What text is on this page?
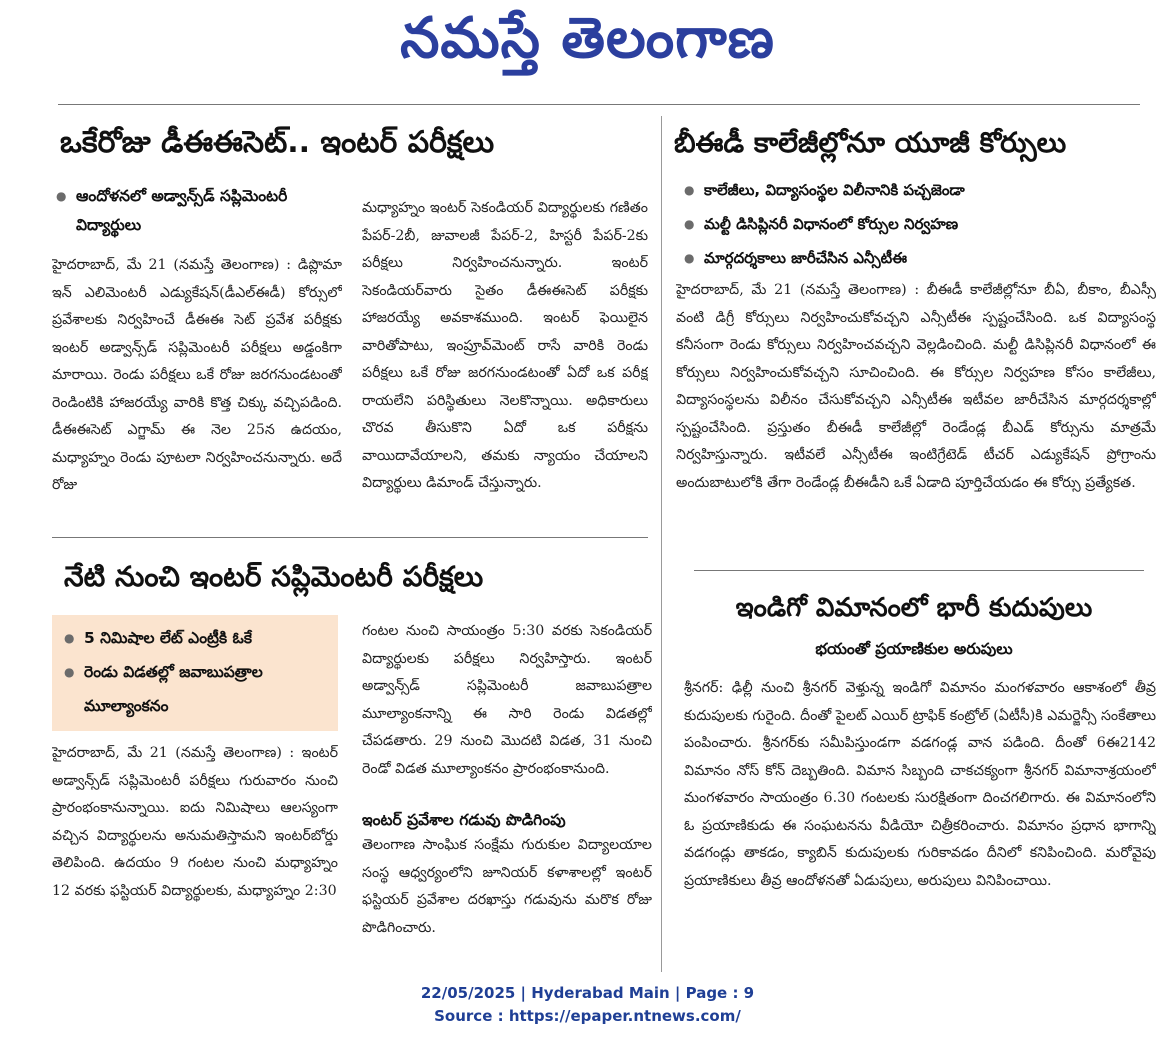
నమస్తే తెలంగాణ
ఒకేరోజు డీఈఈసెట్.. ఇంటర్ పరీక్షలు
● ఆందోళనలో అడ్వాన్స్‌డ్ సప్లిమెంటరీ విద్యార్థులు

హైదరాబాద్, మే 21 (నమస్తే తెలంగాణ) : డిప్లొమా ఇన్ ఎలిమెంటరీ ఎడ్యుకేషన్(డీఎల్‌ఈడీ) కోర్సులో ప్రవేశాలకు నిర్వహించే డీఈఈ సెట్ ప్రవేశ పరీక్షకు ఇంటర్ అడ్వాన్స్‌డ్ సప్లిమెంటరీ పరీక్షలు అడ్డంకిగా మారాయి. రెండు పరీక్షలు ఒకే రోజు జరగనుండటంతో రెండింటికి హాజరయ్యే వారికి కొత్త చిక్కు వచ్చిపడింది. డీఈఈసెట్ ఎగ్జామ్ ఈ నెల 25న ఉదయం, మధ్యాహ్నం రెండు పూటలా నిర్వహించనున్నారు. అదే రోజు

మధ్యాహ్నం ఇంటర్ సెకండియర్ విద్యార్థులకు గణితం పేపర్-2బీ, జువాలజీ పేపర్-2, హిస్టరీ పేపర్-2కు పరీక్షలు నిర్వహించనున్నారు. ఇంటర్ సెకండియర్‌వారు సైతం డీఈఈసెట్ పరీక్షకు హాజరయ్యే అవకాశముంది. ఇంటర్ ఫెయిలైన వారితోపాటు, ఇంప్రూవ్‌మెంట్ రాసే వారికి రెండు పరీక్షలు ఒకే రోజు జరగనుండటంతో ఏదో ఒక పరీక్ష రాయలేని పరిస్థితులు నెలకొన్నాయి. అధికారులు చొరవ తీసుకొని ఏదో ఒక పరీక్షను వాయిదావేయాలని, తమకు న్యాయం చేయాలని విద్యార్థులు డిమాండ్ చేస్తున్నారు.

బీఈడీ కాలేజీల్లోనూ యూజీ కోర్సులు
● కాలేజీలు, విద్యాసంస్థల విలీనానికి పచ్చజెండా
● మల్టీ డిసిప్లినరీ విధానంలో కోర్సుల నిర్వహణ
● మార్గదర్శకాలు జారీచేసిన ఎన్సీటీఈ

హైదరాబాద్, మే 21 (నమస్తే తెలంగాణ) : బీఈడీ కాలేజీల్లోనూ బీఏ, బీకాం, బీఎస్సీ వంటి డిగ్రీ కోర్సులు నిర్వహించుకోవచ్చని ఎన్సీటీఈ స్పష్టంచేసింది. ఒక విద్యాసంస్థ కనీసంగా రెండు కోర్సులు నిర్వహించవచ్చని వెల్లడించింది. మల్టీ డిసిప్లినరీ విధానంలో ఈ కోర్సులు నిర్వహించుకోవచ్చని సూచించింది. ఈ కోర్సుల నిర్వహణ కోసం కాలేజీలు, విద్యాసంస్థలను విలీనం చేసుకోవచ్చని ఎన్సీటీఈ ఇటీవల జారీచేసిన మార్గదర్శకాల్లో స్పష్టంచేసింది. ప్రస్తుతం బీఈడీ కాలేజీల్లో రెండేండ్ల బీఎడ్ కోర్సును మాత్రమే నిర్వహిస్తున్నారు. ఇటీవలే ఎన్సీటీఈ ఇంటిగ్రేటెడ్ టీచర్ ఎడ్యుకేషన్ ప్రోగ్రాంను అందుబాటులోకి తేగా రెండేండ్ల బీఈడీని ఒకే ఏడాది పూర్తిచేయడం ఈ కోర్సు ప్రత్యేకత.

నేటి నుంచి ఇంటర్ సప్లిమెంటరీ పరీక్షలు
● 5 నిమిషాల లేట్ ఎంట్రీకి ఓకే
● రెండు విడతల్లో జవాబుపత్రాల మూల్యాంకనం

హైదరాబాద్, మే 21 (నమస్తే తెలంగాణ) : ఇంటర్ అడ్వాన్స్‌డ్ సప్లిమెంటరీ పరీక్షలు గురువారం నుంచి ప్రారంభంకానున్నాయి. ఐదు నిమిషాలు ఆలస్యంగా వచ్చిన విద్యార్థులను అనుమతిస్తామని ఇంటర్‌బోర్డు తెలిపింది. ఉదయం 9 గంటల నుంచి మధ్యాహ్నం 12 వరకు ఫస్టియర్ విద్యార్థులకు, మధ్యాహ్నం 2:30

గంటల నుంచి సాయంత్రం 5:30 వరకు సెకండియర్ విద్యార్థులకు పరీక్షలు నిర్వహిస్తారు. ఇంటర్ అడ్వాన్స్‌డ్ సప్లిమెంటరీ జవాబుపత్రాల మూల్యాంకనాన్ని ఈ సారి రెండు విడతల్లో చేపడతారు. 29 నుంచి మొదటి విడత, 31 నుంచి రెండో విడత మూల్యాంకనం ప్రారంభంకానుంది.

ఇంటర్ ప్రవేశాల గడువు పొడిగింపు

తెలంగాణ సాంఘిక సంక్షేమ గురుకుల విద్యాలయాల సంస్థ ఆధ్వర్యంలోని జూనియర్ కళాశాలల్లో ఇంటర్ ఫస్టియర్ ప్రవేశాల దరఖాస్తు గడువును మరొక రోజు పొడిగించారు.

ఇండిగో విమానంలో భారీ కుదుపులు
భయంతో ప్రయాణికుల అరుపులు

శ్రీనగర్: ఢిల్లీ నుంచి శ్రీనగర్ వెళ్తున్న ఇండిగో విమానం మంగళవారం ఆకాశంలో తీవ్ర కుదుపులకు గురైంది. దీంతో పైలట్ ఎయిర్ ట్రాఫిక్ కంట్రోల్ (ఏటీసీ)కి ఎమర్జెన్సీ సంకేతాలు పంపించారు. శ్రీనగర్‌కు సమీపిస్తుండగా వడగండ్ల వాన పడింది. దీంతో 6ఈ2142 విమానం నోస్ కోన్ దెబ్బతింది. విమాన సిబ్బంది చాకచక్యంగా శ్రీనగర్ విమానాశ్రయంలో మంగళవారం సాయంత్రం 6.30 గంటలకు సురక్షితంగా దించగలిగారు. ఈ విమానంలోని ఓ ప్రయాణికుడు ఈ సంఘటనను వీడియో చిత్రీకరించారు. విమానం ప్రధాన భాగాన్ని వడగండ్లు తాకడం, క్యాబిన్ కుదుపులకు గురికావడం దీనిలో కనిపించింది. మరోవైపు ప్రయాణికులు తీవ్ర ఆందోళనతో ఏడుపులు, అరుపులు వినిపించాయి.

22/05/2025 | Hyderabad Main | Page : 9
Source : https://epaper.ntnews.com/
